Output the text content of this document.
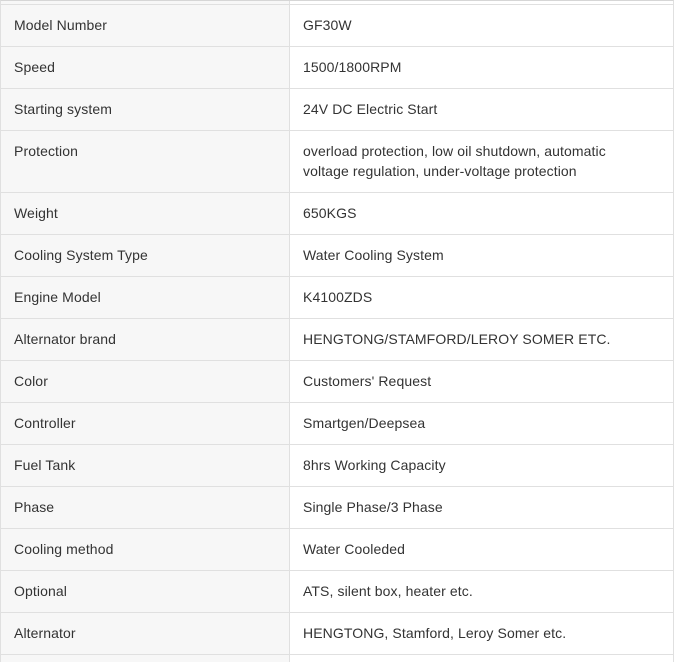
Model Number	GF30W
Speed	1500/1800RPM
Starting system	24V DC Electric Start
Protection	overload protection, low oil shutdown, automatic voltage regulation, under-voltage protection
Weight	650KGS
Cooling System Type	Water Cooling System
Engine Model	K4100ZDS
Alternator brand	HENGTONG/STAMFORD/LEROY SOMER ETC.
Color	Customers' Request
Controller	Smartgen/Deepsea
Fuel Tank	8hrs Working Capacity
Phase	Single Phase/3 Phase
Cooling method	Water Cooleded
Optional	ATS, silent box, heater etc.
Alternator	HENGTONG, Stamford, Leroy Somer etc.
